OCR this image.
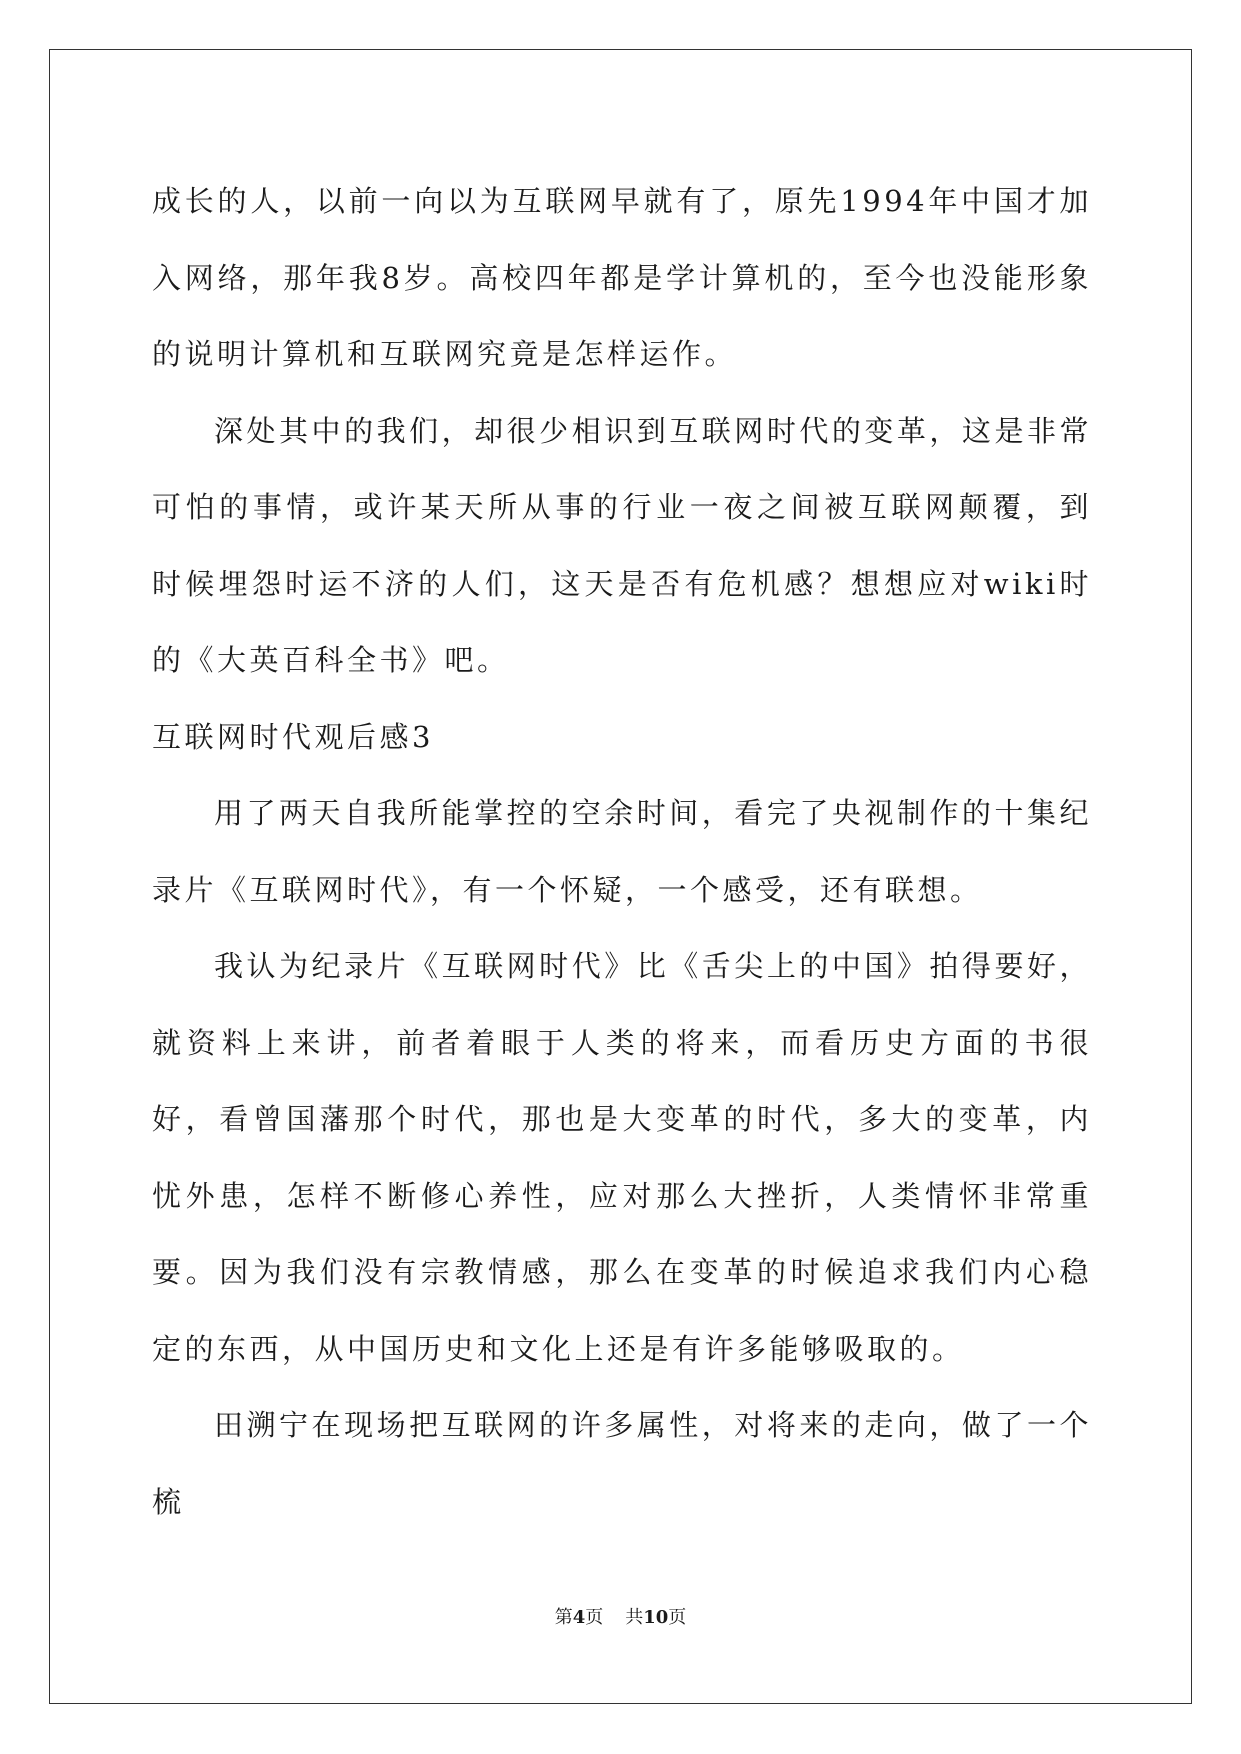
成长的人，以前一向以为互联网早就有了，原先1994年中国才加入网络，那年我8岁。高校四年都是学计算机的，至今也没能形象的说明计算机和互联网究竟是怎样运作。

深处其中的我们，却很少相识到互联网时代的变革，这是非常可怕的事情，或许某天所从事的行业一夜之间被互联网颠覆，到时候埋怨时运不济的人们，这天是否有危机感？想想应对wiki时的《大英百科全书》吧。

互联网时代观后感3

用了两天自我所能掌控的空余时间，看完了央视制作的十集纪录片《互联网时代》，有一个怀疑，一个感受，还有联想。

我认为纪录片《互联网时代》比《舌尖上的中国》拍得要好，就资料上来讲，前者着眼于人类的将来，而看历史方面的书很好，看曾国藩那个时代，那也是大变革的时代，多大的变革，内忧外患，怎样不断修心养性，应对那么大挫折，人类情怀非常重要。因为我们没有宗教情感，那么在变革的时候追求我们内心稳定的东西，从中国历史和文化上还是有许多能够吸取的。

田溯宁在现场把互联网的许多属性，对将来的走向，做了一个梳

第4页 共10页
